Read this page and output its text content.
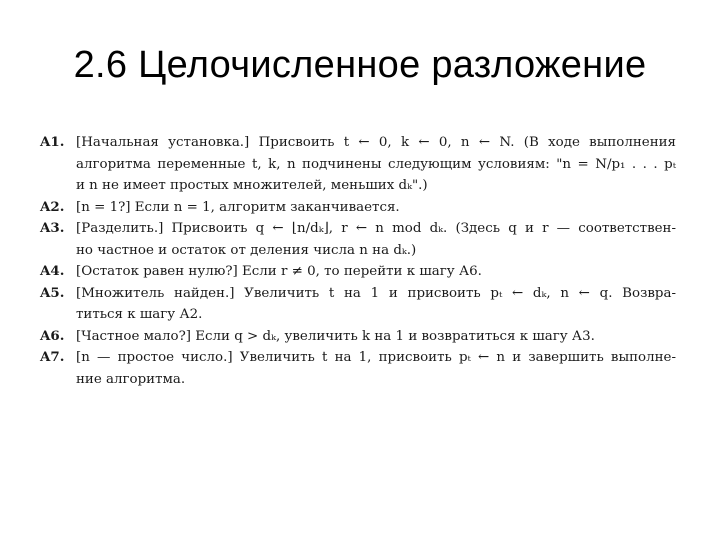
2.6 Целочисленное разложение
A1. [Начальная установка.] Присвоить t ← 0, k ← 0, n ← N. (В ходе выполнения
алгоритма переменные t, k, n подчинены следующим условиям: "n = N/p₁ . . . pₜ
и n не имеет простых множителей, меньших dₖ".)
A2. [n = 1?] Если n = 1, алгоритм заканчивается.
A3. [Разделить.] Присвоить q ← ⌊n/dₖ⌋, r ← n mod dₖ. (Здесь q и r — соответствен-
но частное и остаток от деления числа n на dₖ.)
A4. [Остаток равен нулю?] Если r ≠ 0, то перейти к шагу А6.
A5. [Множитель найден.] Увеличить t на 1 и присвоить pₜ ← dₖ, n ← q. Возвра-
титься к шагу А2.
A6. [Частное мало?] Если q > dₖ, увеличить k на 1 и возвратиться к шагу А3.
A7. [n — простое число.] Увеличить t на 1, присвоить pₜ ← n и завершить выполне-
ние алгоритма.
